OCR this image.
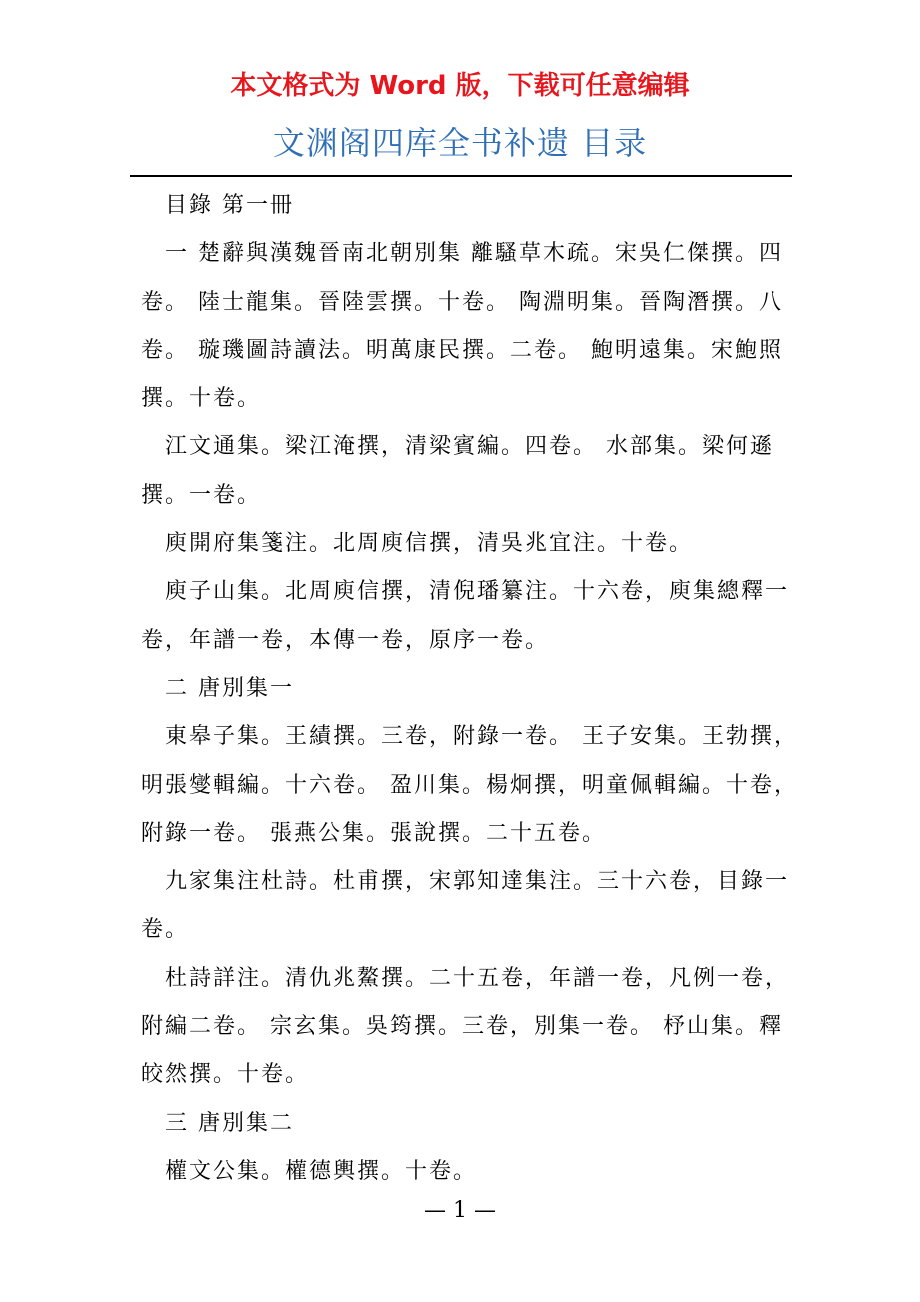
本文格式为 Word 版，下载可任意编辑
文渊阁四库全书补遗 目录

目錄 第一冊

一 楚辭與漢魏晉南北朝別集 離騷草木疏。宋吳仁傑撰。四卷。 陸士龍集。晉陸雲撰。十卷。 陶淵明集。晉陶潛撰。八卷。 璇璣圖詩讀法。明萬康民撰。二卷。 鮑明遠集。宋鮑照撰。十卷。

江文通集。梁江淹撰，清梁賓編。四卷。 水部集。梁何遜撰。一卷。

庾開府集箋注。北周庾信撰，清吳兆宜注。十卷。

庾子山集。北周庾信撰，清倪璠纂注。十六卷，庾集總釋一卷，年譜一卷，本傳一卷，原序一卷。

二 唐別集一

東皋子集。王績撰。三卷，附錄一卷。 王子安集。王勃撰，明張燮輯編。十六卷。 盈川集。楊炯撰，明童佩輯編。十卷，附錄一卷。 張燕公集。張說撰。二十五卷。

九家集注杜詩。杜甫撰，宋郭知達集注。三十六卷，目錄一卷。

杜詩詳注。清仇兆鰲撰。二十五卷，年譜一卷，凡例一卷，附編二卷。 宗玄集。吳筠撰。三卷，別集一卷。 杼山集。釋皎然撰。十卷。

三 唐別集二

權文公集。權德輿撰。十卷。

— 1 —
